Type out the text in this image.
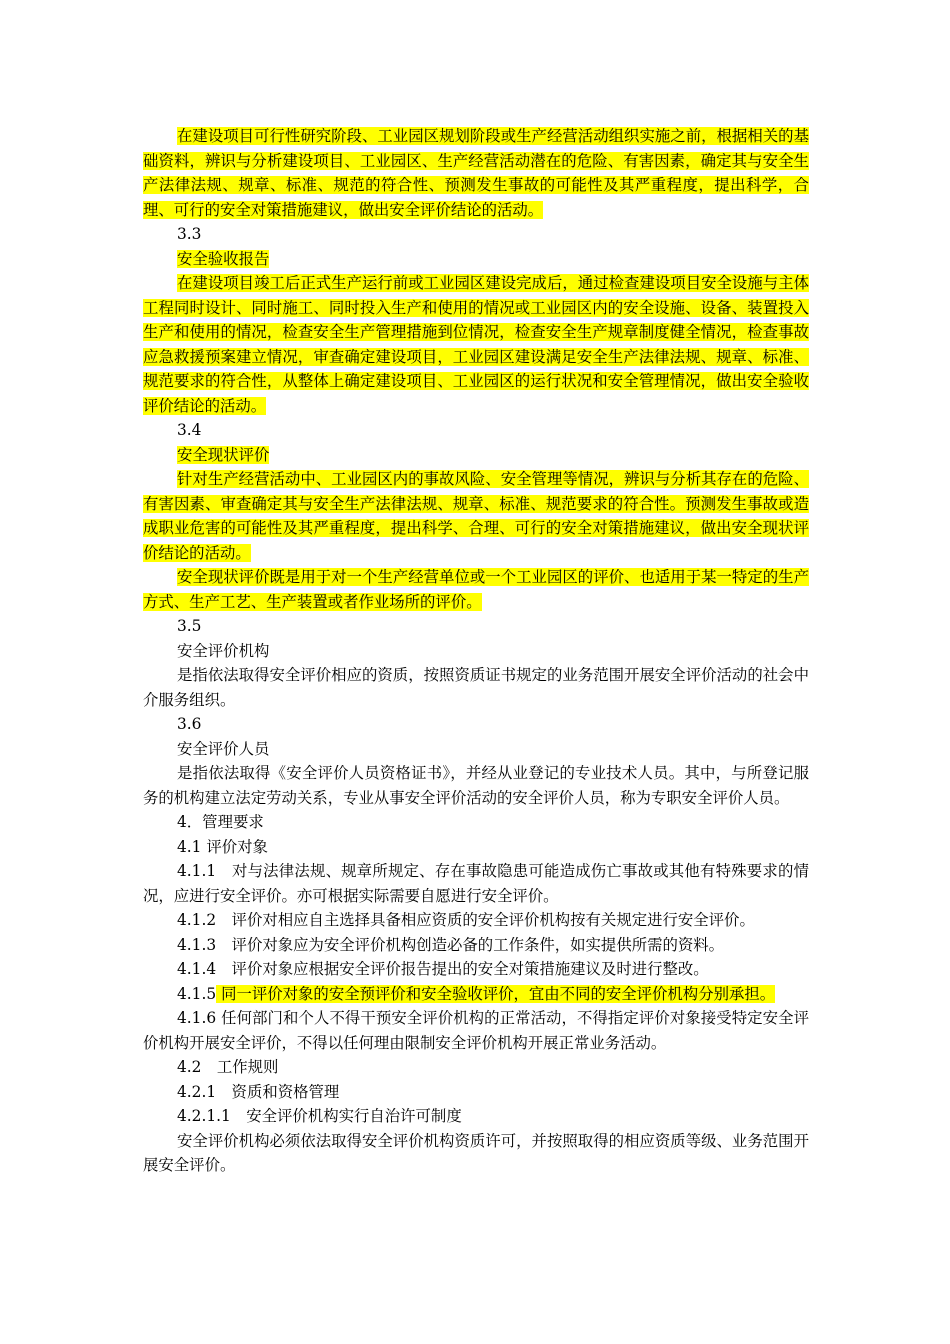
在建设项目可行性研究阶段、工业园区规划阶段或生产经营活动组织实施之前，根据相关的基础资料，辨识与分析建设项目、工业园区、生产经营活动潜在的危险、有害因素，确定其与安全生产法律法规、规章、标准、规范的符合性、预测发生事故的可能性及其严重程度，提出科学，合理、可行的安全对策措施建议，做出安全评价结论的活动。

3.3

安全验收报告

在建设项目竣工后正式生产运行前或工业园区建设完成后，通过检查建设项目安全设施与主体工程同时设计、同时施工、同时投入生产和使用的情况或工业园区内的安全设施、设备、装置投入生产和使用的情况，检查安全生产管理措施到位情况，检查安全生产规章制度健全情况，检查事故应急救援预案建立情况，审查确定建设项目，工业园区建设满足安全生产法律法规、规章、标准、规范要求的符合性，从整体上确定建设项目、工业园区的运行状况和安全管理情况，做出安全验收评价结论的活动。

3.4

安全现状评价

针对生产经营活动中、工业园区内的事故风险、安全管理等情况，辨识与分析其存在的危险、有害因素、审查确定其与安全生产法律法规、规章、标准、规范要求的符合性。预测发生事故或造成职业危害的可能性及其严重程度，提出科学、合理、可行的安全对策措施建议，做出安全现状评价结论的活动。

安全现状评价既是用于对一个生产经营单位或一个工业园区的评价、也适用于某一特定的生产方式、生产工艺、生产装置或者作业场所的评价。

3.5

安全评价机构

是指依法取得安全评价相应的资质，按照资质证书规定的业务范围开展安全评价活动的社会中介服务组织。

3.6

安全评价人员

是指依法取得《安全评价人员资格证书》，并经从业登记的专业技术人员。其中，与所登记服务的机构建立法定劳动关系，专业从事安全评价活动的安全评价人员，称为专职安全评价人员。

4．管理要求

4.1 评价对象

4.1.1　对与法律法规、规章所规定、存在事故隐患可能造成伤亡事故或其他有特殊要求的情况，应进行安全评价。亦可根据实际需要自愿进行安全评价。

4.1.2　评价对相应自主选择具备相应资质的安全评价机构按有关规定进行安全评价。

4.1.3　评价对象应为安全评价机构创造必备的工作条件，如实提供所需的资料。

4.1.4　评价对象应根据安全评价报告提出的安全对策措施建议及时进行整改。

4.1.5 同一评价对象的安全预评价和安全验收评价，宜由不同的安全评价机构分别承担。

4.1.6 任何部门和个人不得干预安全评价机构的正常活动，不得指定评价对象接受特定安全评价机构开展安全评价，不得以任何理由限制安全评价机构开展正常业务活动。

4.2　工作规则

4.2.1　资质和资格管理

4.2.1.1　安全评价机构实行自治许可制度

安全评价机构必须依法取得安全评价机构资质许可，并按照取得的相应资质等级、业务范围开展安全评价。
